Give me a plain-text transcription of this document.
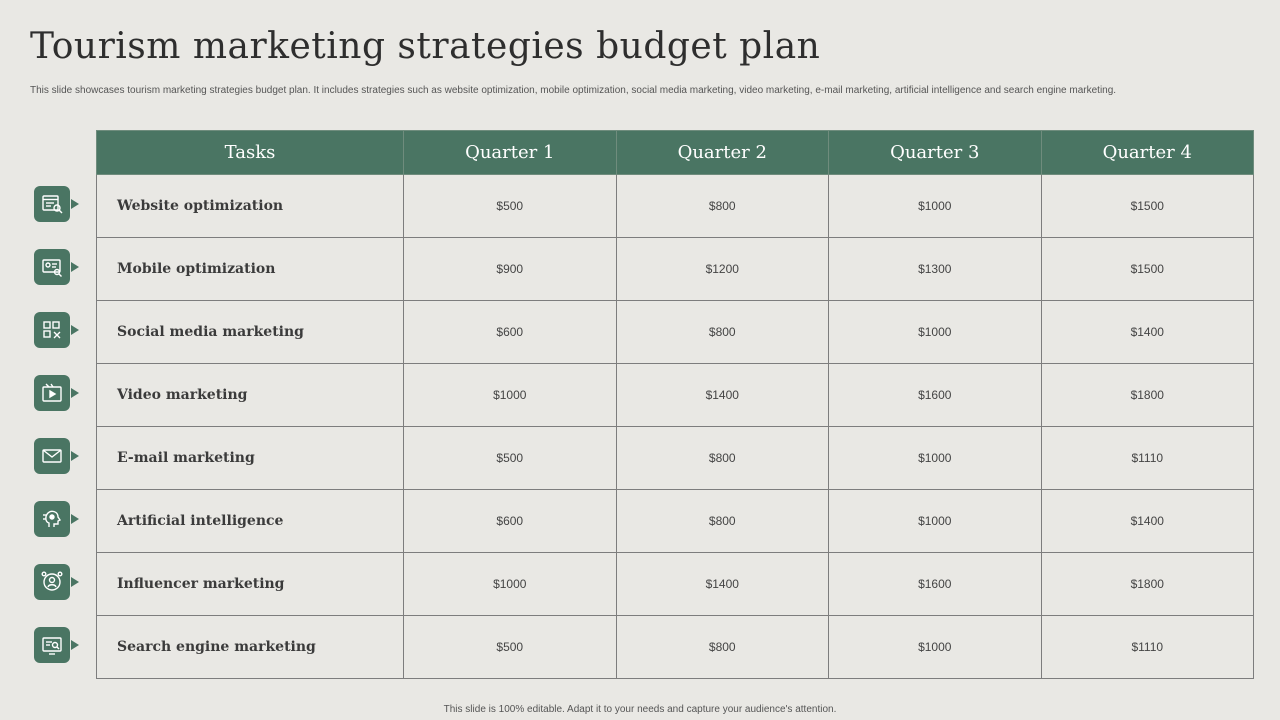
Tourism marketing strategies budget plan
This slide showcases tourism marketing strategies budget plan. It includes strategies such as website optimization, mobile optimization, social media marketing, video marketing, e-mail marketing, artificial intelligence and search engine marketing.
Tasks	Quarter 1	Quarter 2	Quarter 3	Quarter 4
Website optimization	$500	$800	$1000	$1500
Mobile optimization	$900	$1200	$1300	$1500
Social media marketing	$600	$800	$1000	$1400
Video marketing	$1000	$1400	$1600	$1800
E-mail marketing	$500	$800	$1000	$1110
Artificial intelligence	$600	$800	$1000	$1400
Influencer marketing	$1000	$1400	$1600	$1800
Search engine marketing	$500	$800	$1000	$1110
This slide is 100% editable. Adapt it to your needs and capture your audience's attention.
